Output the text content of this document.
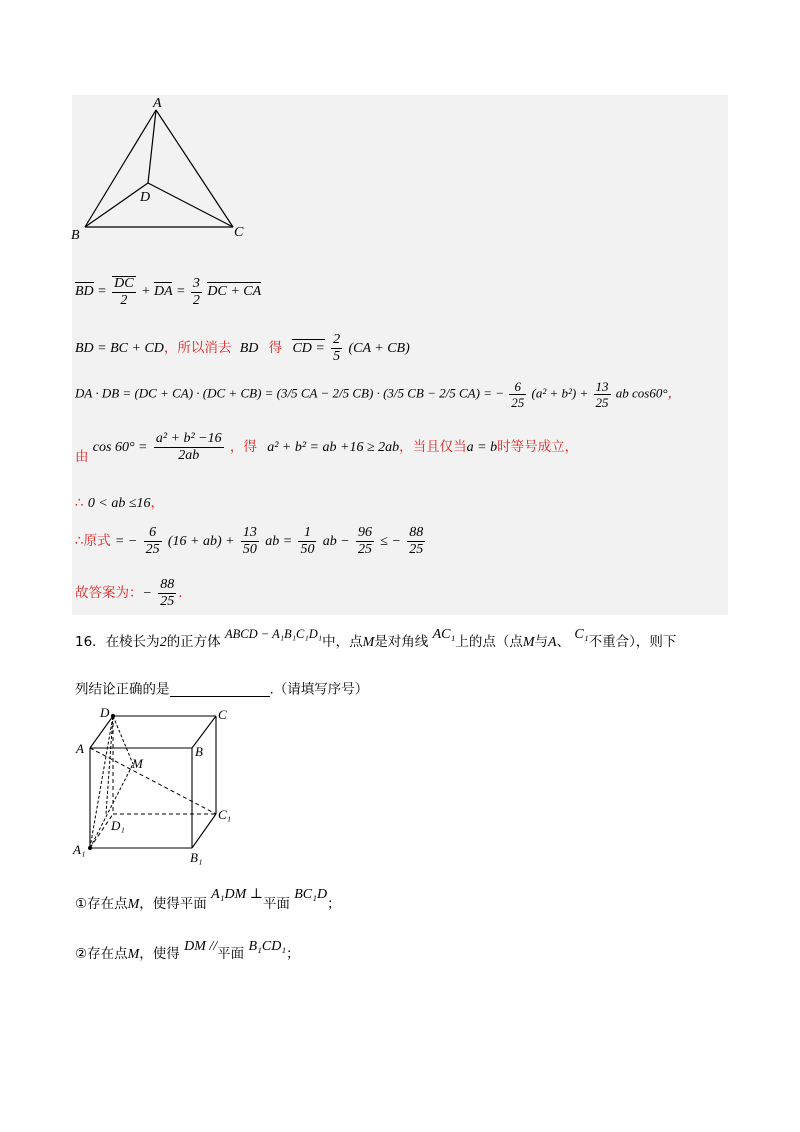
A
B	C
D
BD = $\frac{DC}{2}$ + DA = $\frac{3}{2}$ DC + CA
BD = BC + CD，所以消去 BD 得 CD = $\frac{2}{5} (CA + CB)$
DA · DB = (DC + CA) · (DC + CB) = (3/5 CA − 2/5 CB) · (3/5 CB − 2/5 CA) = − $\frac{6}{25} (a^2 + b^2) + \frac{13}{25}$ ab cos60°，
由 $\cos 60^\circ = \frac{\text{a² + b² −16}}{2ab}$ ，得 a² + b² = ab +16 ≥ 2ab，当且仅当a = b时等号成立，
∴ 0 < ab ≤16，
∴原式 = − $\frac{6}{25} (16 + ab) + \frac{13}{50}$ ab = $\frac{1}{50}$ ab − $\frac{96}{25}$ ≤ − $\frac{88}{25}$
故答案为：− $\frac{88}{25}$ .
16．在棱长为2的正方体 ABCD − A₁B₁C₁D₁中，点M是对角线 AC₁上的点（点M与A、 C₁不重合），则下
列结论正确的是	.（请填写序号）
D	C
A	B
M
C₁
D₁
A₁
B₁
①存在点M，使得平面 A₁DM ⊥平面 BC₁D；
②存在点M，使得 DM //平面 B₁CD₁；
